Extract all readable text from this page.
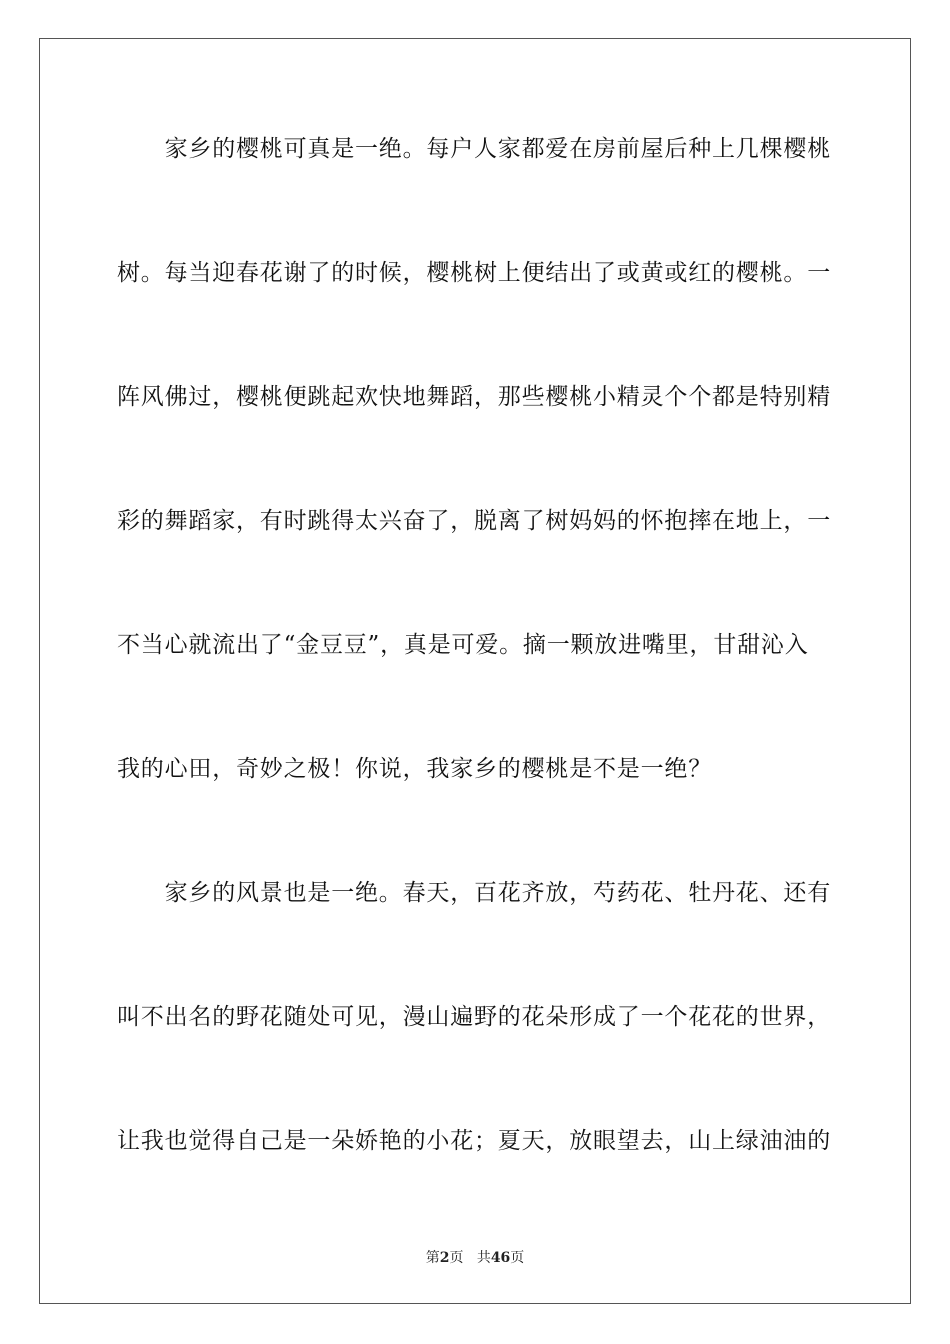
　　家乡的樱桃可真是一绝。每户人家都爱在房前屋后种上几棵樱桃

树。每当迎春花谢了的时候，樱桃树上便结出了或黄或红的樱桃。一

阵风佛过，樱桃便跳起欢快地舞蹈，那些樱桃小精灵个个都是特别精

彩的舞蹈家，有时跳得太兴奋了，脱离了树妈妈的怀抱摔在地上，一

不当心就流出了“金豆豆”，真是可爱。摘一颗放进嘴里，甘甜沁入

我的心田，奇妙之极！你说，我家乡的樱桃是不是一绝？

　　家乡的风景也是一绝。春天，百花齐放，芍药花、牡丹花、还有

叫不出名的野花随处可见，漫山遍野的花朵形成了一个花花的世界，

让我也觉得自己是一朵娇艳的小花；夏天，放眼望去，山上绿油油的

第2页 共46页
